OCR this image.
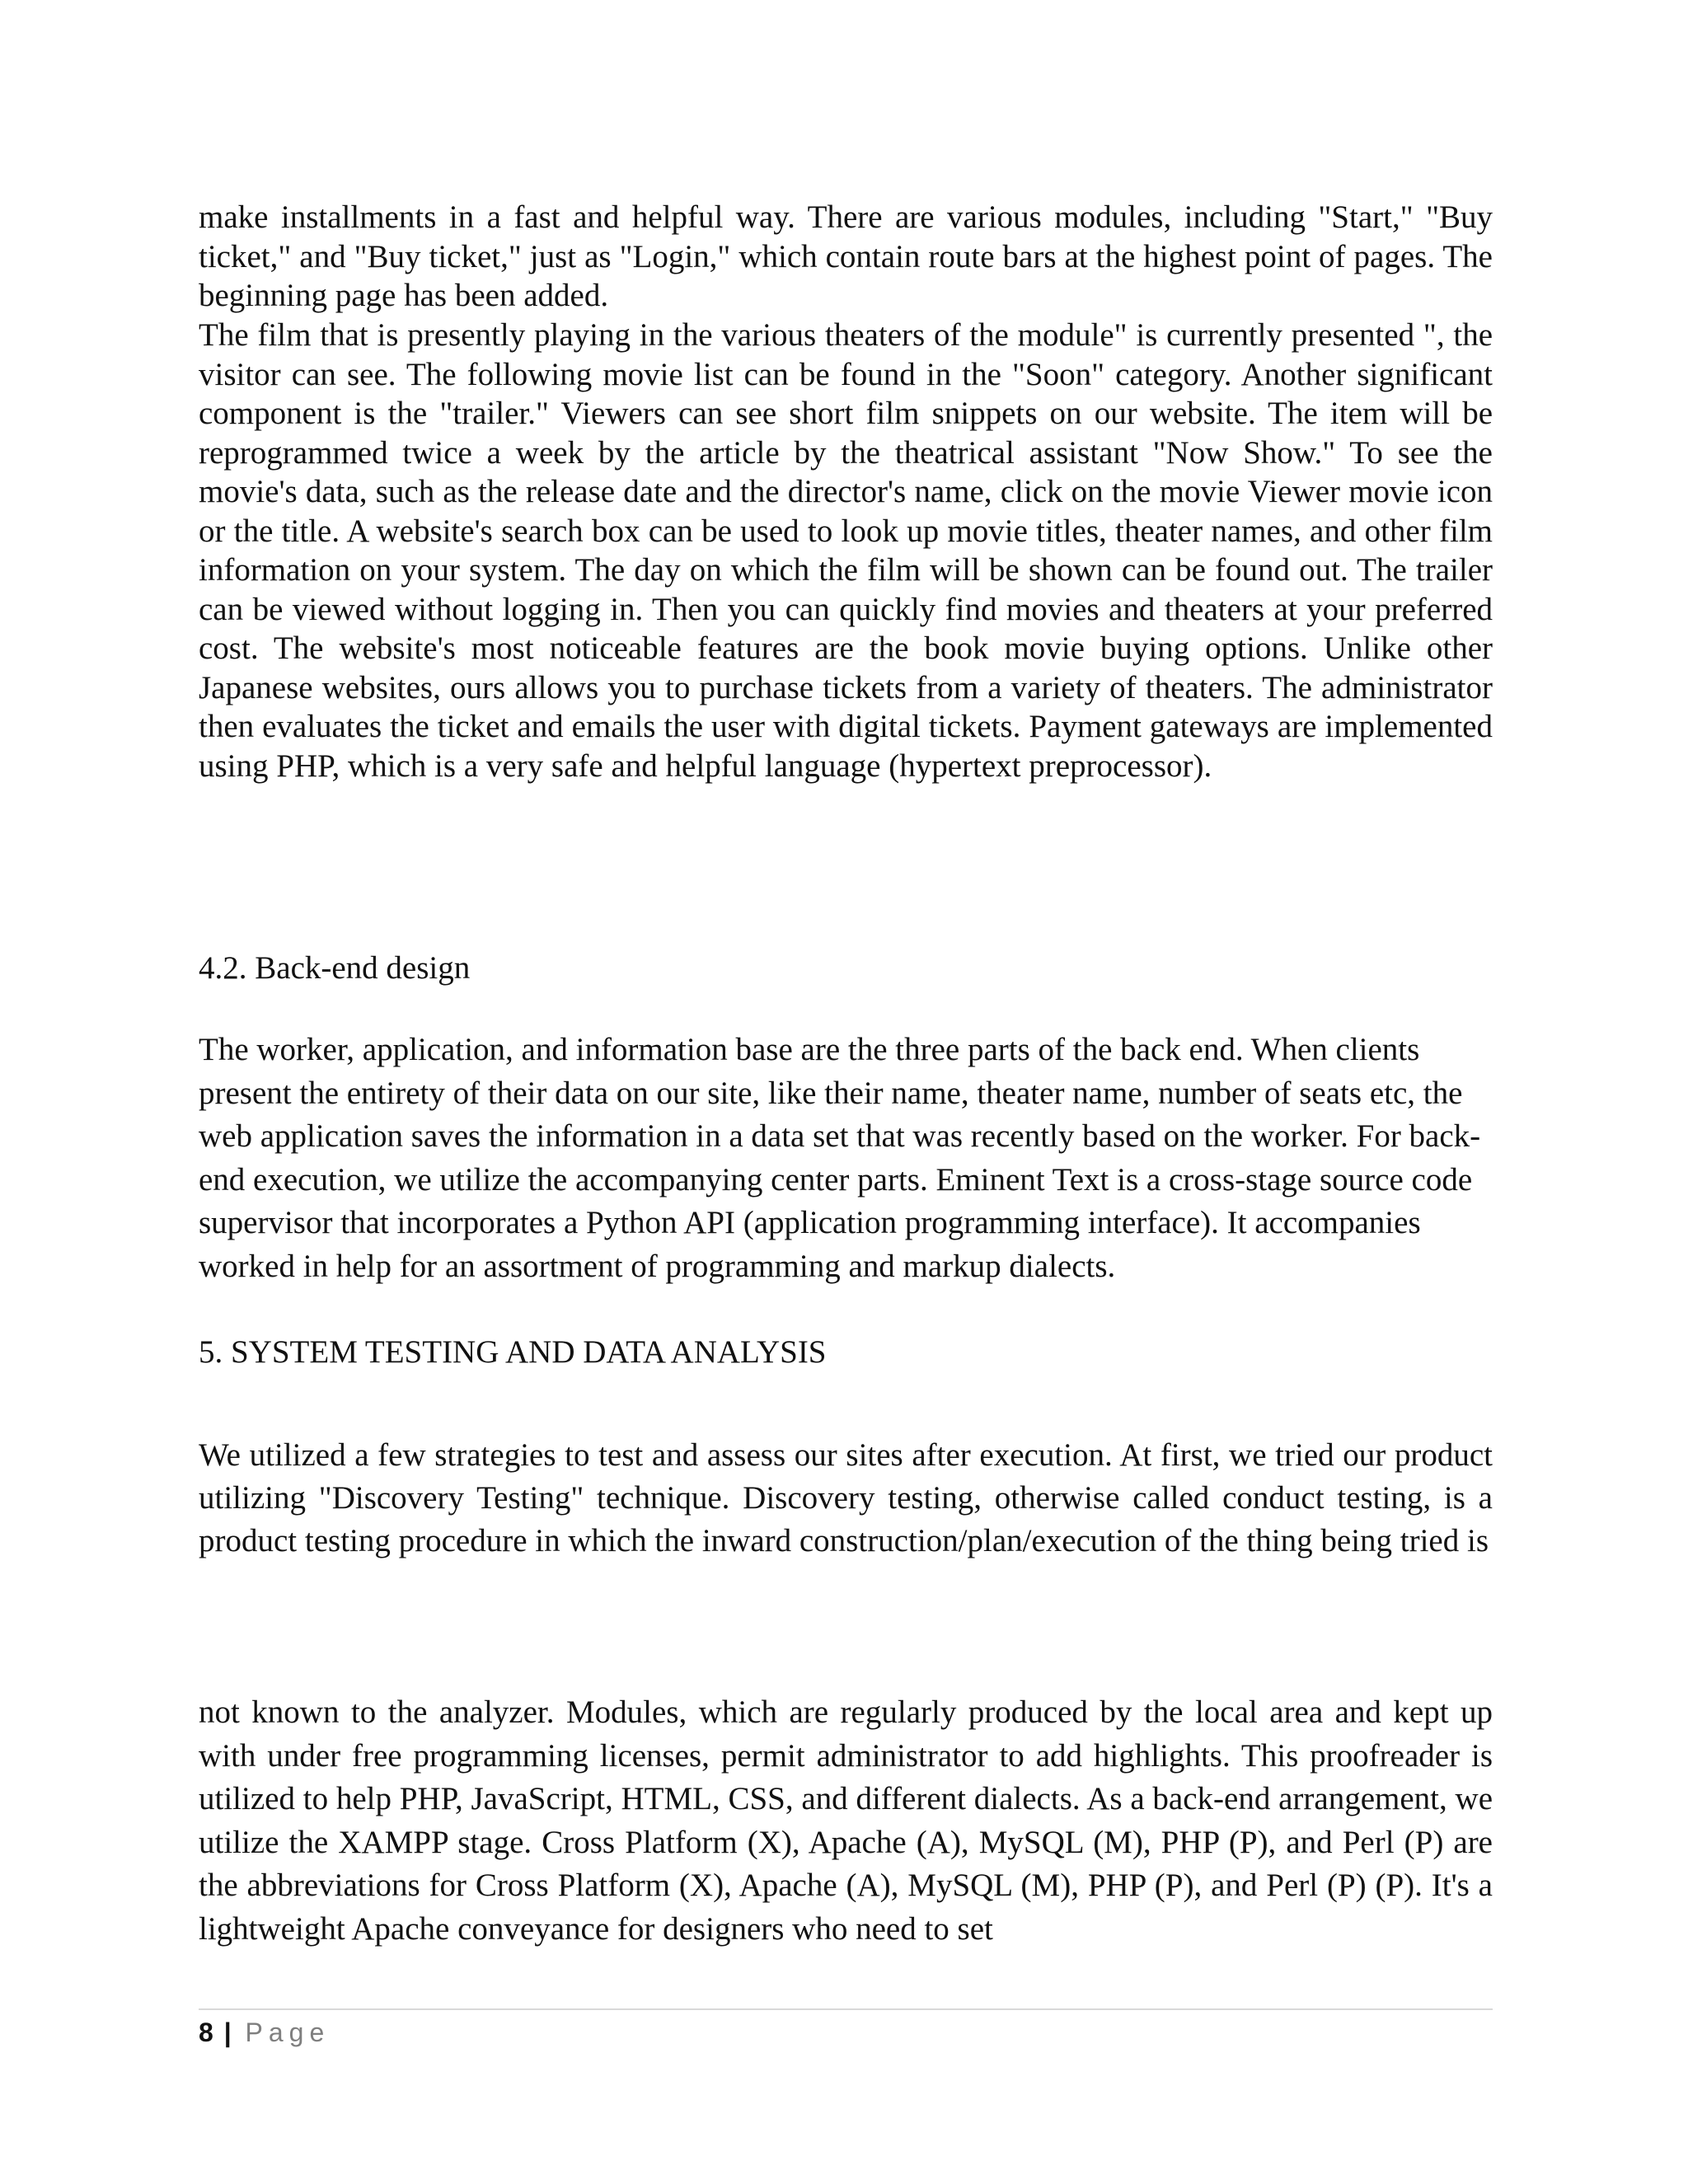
make installments in a fast and helpful way. There are various modules, including "Start," "Buy ticket," and "Buy ticket," just as "Login," which contain route bars at the highest point of pages. The beginning page has been added.

The film that is presently playing in the various theaters of the module" is currently presented ", the visitor can see. The following movie list can be found in the "Soon" category. Another significant component is the "trailer." Viewers can see short film snippets on our website. The item will be reprogrammed twice a week by the article by the theatrical assistant "Now Show." To see the movie's data, such as the release date and the director's name, click on the movie Viewer movie icon or the title. A website's search box can be used to look up movie titles, theater names, and other film information on your system. The day on which the film will be shown can be found out. The trailer can be viewed without logging in. Then you can quickly find movies and theaters at your preferred cost. The website's most noticeable features are the book movie buying options. Unlike other Japanese websites, ours allows you to purchase tickets from a variety of theaters. The administrator then evaluates the ticket and emails the user with digital tickets. Payment gateways are implemented using PHP, which is a very safe and helpful language (hypertext preprocessor).

4.2. Back-end design

The worker, application, and information base are the three parts of the back end. When clients present the entirety of their data on our site, like their name, theater name, number of seats etc, the web application saves the information in a data set that was recently based on the worker. For back-end execution, we utilize the accompanying center parts. Eminent Text is a cross-stage source code supervisor that incorporates a Python API (application programming interface). It accompanies worked in help for an assortment of programming and markup dialects.

5. SYSTEM TESTING AND DATA ANALYSIS

We utilized a few strategies to test and assess our sites after execution. At first, we tried our product utilizing "Discovery Testing" technique. Discovery testing, otherwise called conduct testing, is a product testing procedure in which the inward construction/plan/execution of the thing being tried is

not known to the analyzer. Modules, which are regularly produced by the local area and kept up with under free programming licenses, permit administrator to add highlights. This proofreader is utilized to help PHP, JavaScript, HTML, CSS, and different dialects. As a back-end arrangement, we utilize the XAMPP stage. Cross Platform (X), Apache (A), MySQL (M), PHP (P), and Perl (P) are the abbreviations for Cross Platform (X), Apache (A), MySQL (M), PHP (P), and Perl (P) (P). It's a lightweight Apache conveyance for designers who need to set

8 | Page
